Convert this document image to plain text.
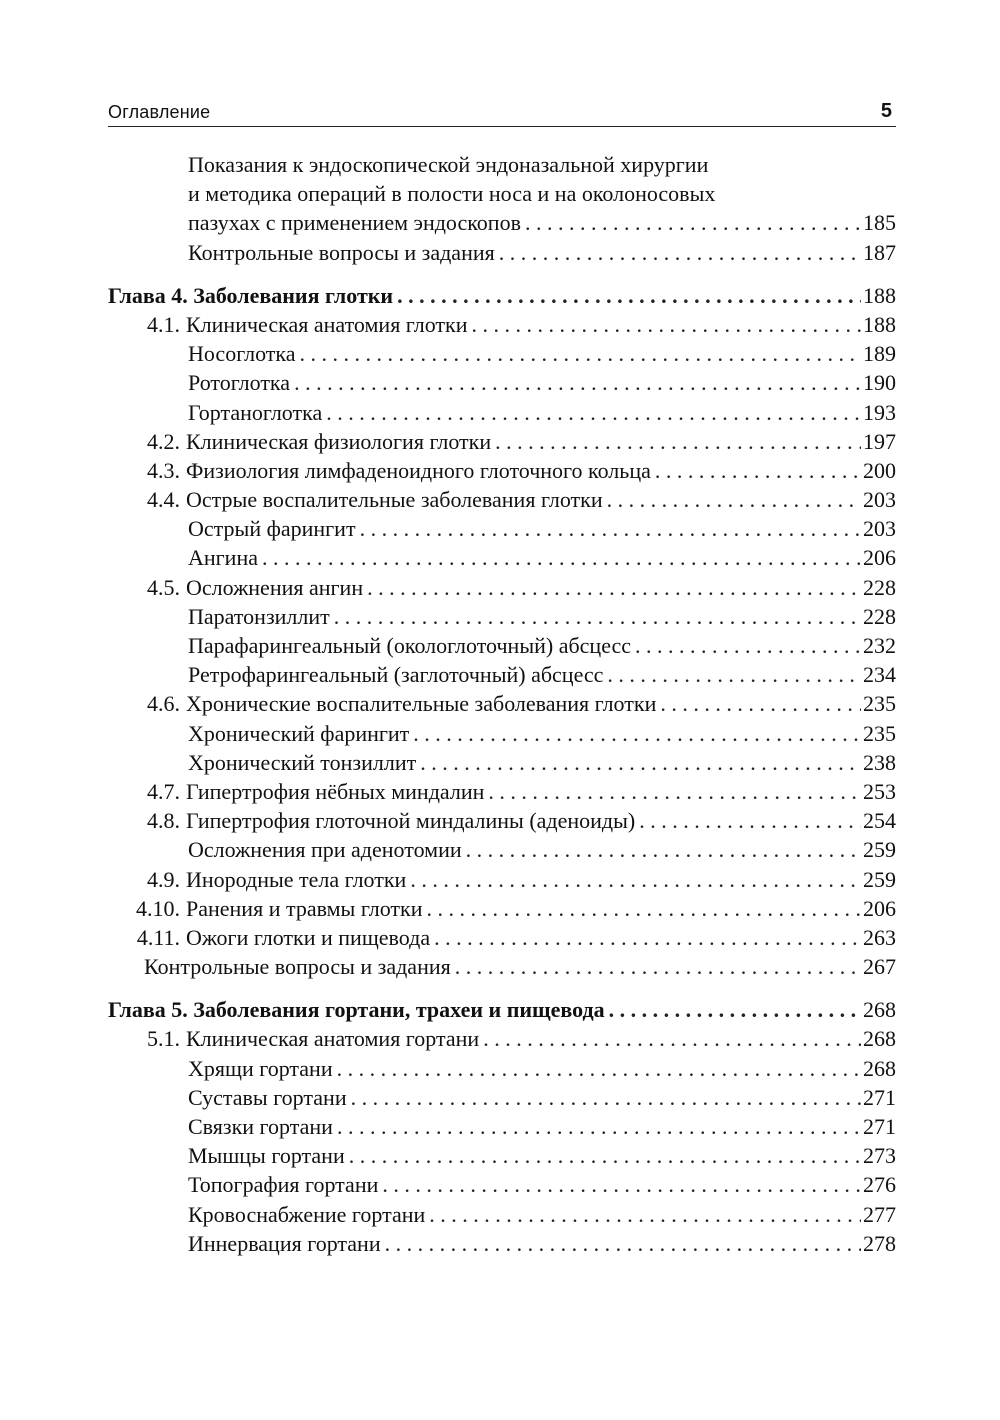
Оглавление	5
Показания к эндоскопической эндоназальной хирургии
и методика операций в полости носа и на околоносовых
пазухах с применением эндоскопов . . .	185
Контрольные вопросы и задания . . .	187
Глава 4. Заболевания глотки . . .	188
4.1. Клиническая анатомия глотки . . .	188
Носоглотка . . .	189
Ротоглотка . . .	190
Гортаноглотка . . .	193
4.2. Клиническая физиология глотки . . .	197
4.3. Физиология лимфаденоидного глоточного кольца . . .	200
4.4. Острые воспалительные заболевания глотки . . .	203
Острый фарингит . . .	203
Ангина . . .	206
4.5. Осложнения ангин . . .	228
Паратонзиллит . . .	228
Парафарингеальный (окологлоточный) абсцесс . . .	232
Ретрофарингеальный (заглоточный) абсцесс . . .	234
4.6. Хронические воспалительные заболевания глотки . . .	235
Хронический фарингит . . .	235
Хронический тонзиллит . . .	238
4.7. Гипертрофия нёбных миндалин . . .	253
4.8. Гипертрофия глоточной миндалины (аденоиды) . . .	254
Осложнения при аденотомии . . .	259
4.9. Инородные тела глотки . . .	259
4.10. Ранения и травмы глотки . . .	206
4.11. Ожоги глотки и пищевода . . .	263
Контрольные вопросы и задания . . .	267
Глава 5. Заболевания гортани, трахеи и пищевода . . .	268
5.1. Клиническая анатомия гортани . . .	268
Хрящи гортани . . .	268
Суставы гортани . . .	271
Связки гортани . . .	271
Мышцы гортани . . .	273
Топография гортани . . .	276
Кровоснабжение гортани . . .	277
Иннервация гортани . . .	278
